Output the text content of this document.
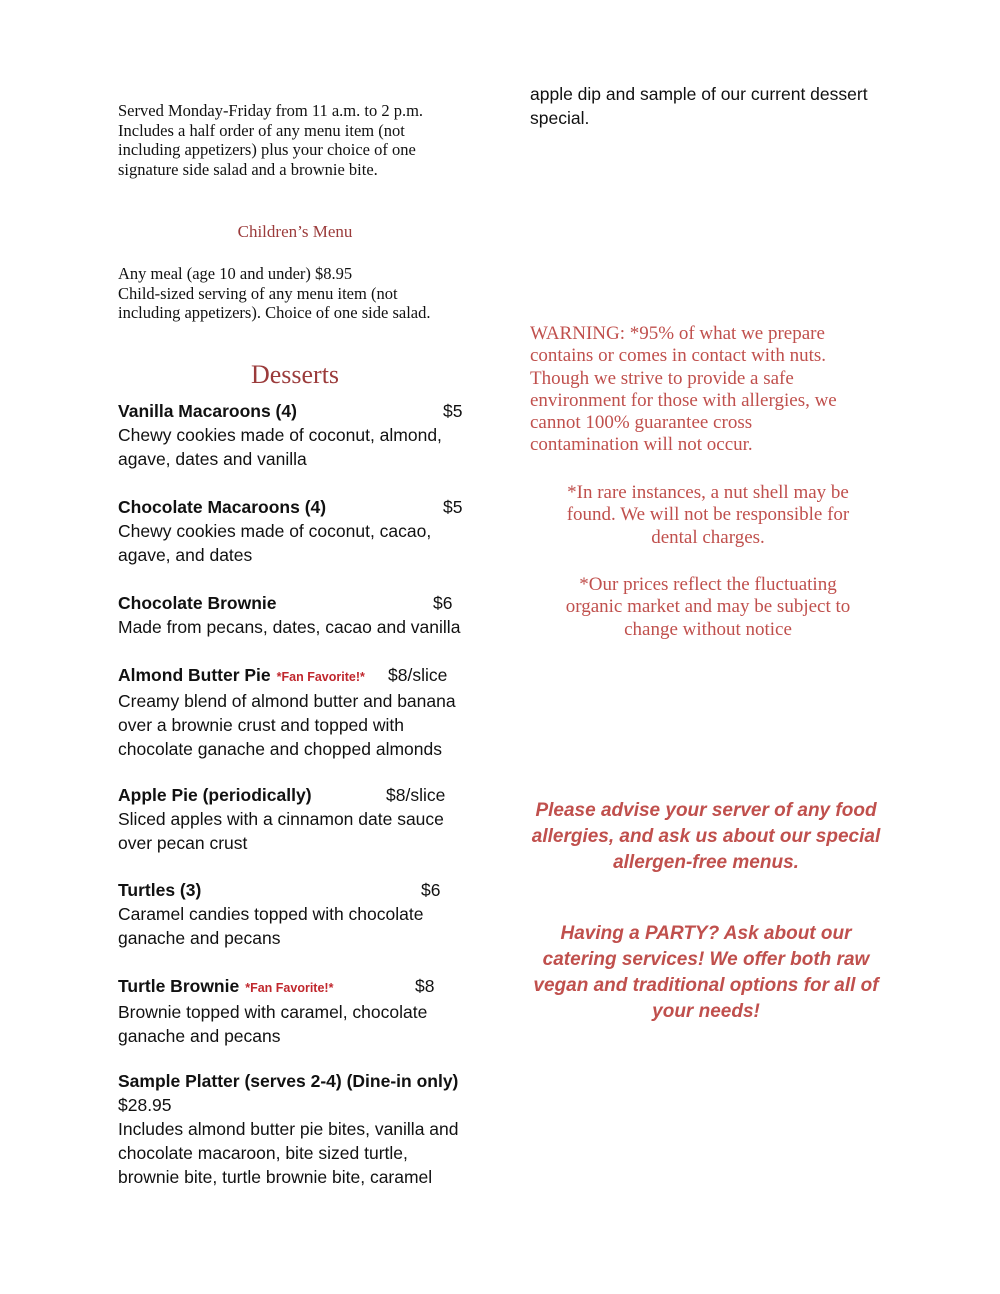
Served Monday-Friday from 11 a.m. to 2 p.m.
Includes a half order of any menu item (not
including appetizers) plus your choice of one
signature side salad and a brownie bite.
Children’s Menu
Any meal (age 10 and under) $8.95
Child-sized serving of any menu item (not
including appetizers). Choice of one side salad.
Desserts
Vanilla Macaroons (4)	$5
Chewy cookies made of coconut, almond,
agave, dates and vanilla
Chocolate Macaroons (4)	$5
Chewy cookies made of coconut, cacao,
agave, and dates
Chocolate Brownie	$6
Made from pecans, dates, cacao and vanilla
Almond Butter Pie *Fan Favorite!* $8/slice
Creamy blend of almond butter and banana
over a brownie crust and topped with
chocolate ganache and chopped almonds
Apple Pie (periodically)	$8/slice
Sliced apples with a cinnamon date sauce
over pecan crust
Turtles (3)	$6
Caramel candies topped with chocolate
ganache and pecans
Turtle Brownie *Fan Favorite!*	$8
Brownie topped with caramel, chocolate
ganache and pecans
Sample Platter (serves 2-4) (Dine-in only)
$28.95
Includes almond butter pie bites, vanilla and
chocolate macaroon, bite sized turtle,
brownie bite, turtle brownie bite, caramel
apple dip and sample of our current dessert
special.
WARNING: *95% of what we prepare
contains or comes in contact with nuts.
Though we strive to provide a safe
environment for those with allergies, we
cannot 100% guarantee cross
contamination will not occur.
*In rare instances, a nut shell may be
found. We will not be responsible for
dental charges.
*Our prices reflect the fluctuating
organic market and may be subject to
change without notice
Please advise your server of any food
allergies, and ask us about our special
allergen-free menus.
Having a PARTY? Ask about our
catering services! We offer both raw
vegan and traditional options for all of
your needs!
